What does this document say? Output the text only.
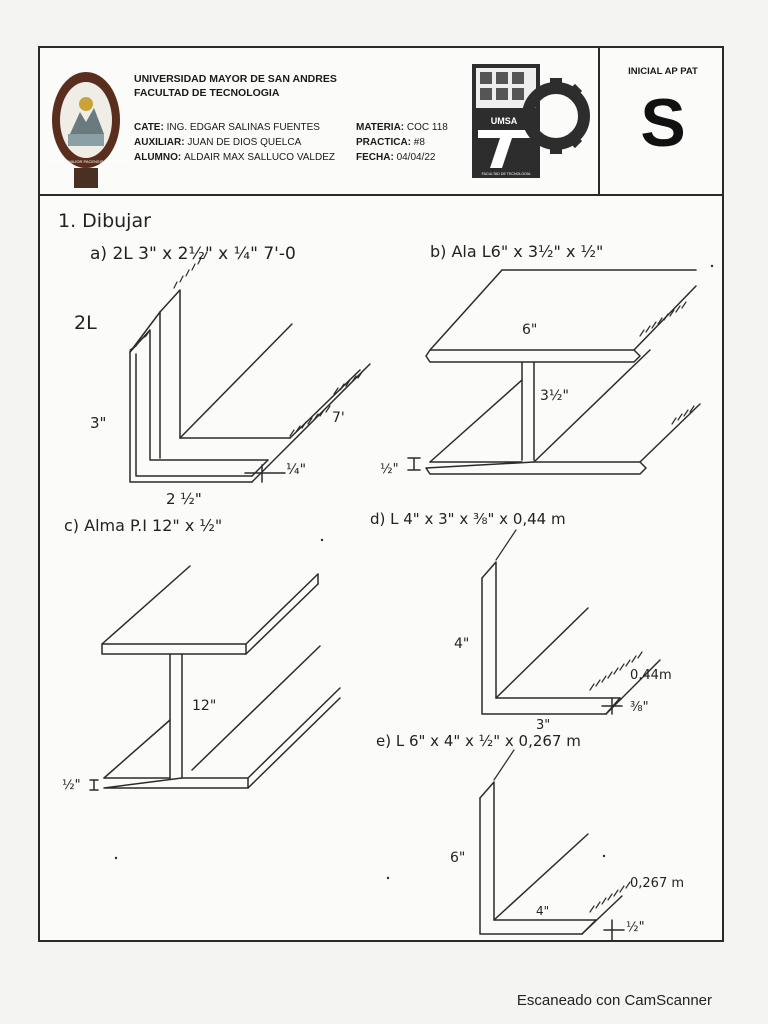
UNIVERSITAS MAJOR PACENSIS DIVI ANDREÆ
UNIVERSIDAD MAYOR DE SAN ANDRES
FACULTAD DE TECNOLOGIA
CATE: ING. EDGAR SALINAS FUENTES
AUXILIAR: JUAN DE DIOS QUELCA
ALUMNO: ALDAIR MAX SALLUCO VALDEZ
MATERIA: COC 118
PRACTICA: #8
FECHA: 04/04/22
UMSA
FACULTAD DE TECNOLOGIA
INICIAL AP PAT
S
1. Dibujar
a) 2L 3" x 2½" x ¼" 7'-0
2L
3"
2 ½"
¼"
7'
b) Ala L6" x 3½" x ½"
6"
3½"
½"
c) Alma P.I 12" x ½"
12"
½"
d) L 4" x 3" x ⅜" x 0,44 m
4"
3"
0,44m
⅜"
e) L 6" x 4" x ½" x 0,267 m
6"
4"
0,267 m
½"
Escaneado con CamScanner
